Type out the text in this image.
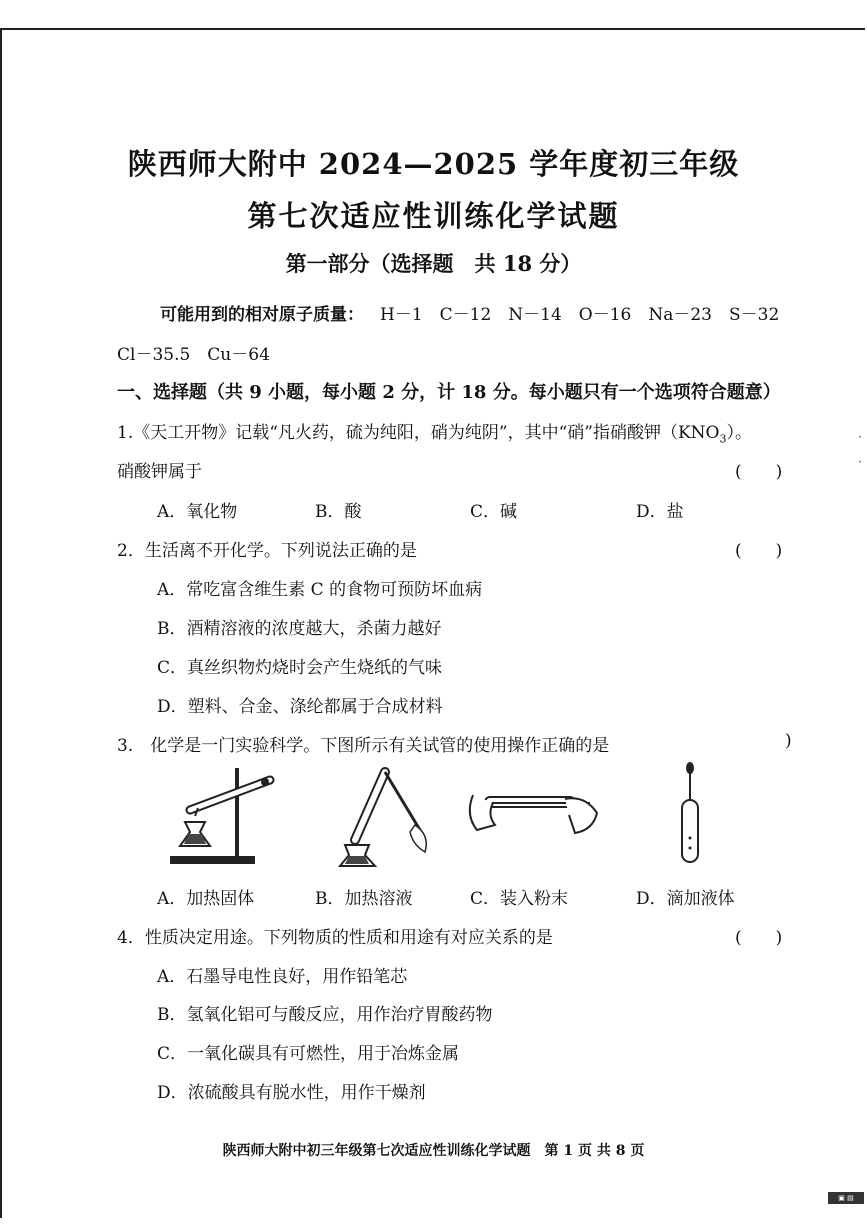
陕西师大附中 2024—2025 学年度初三年级
第七次适应性训练化学试题
第一部分（选择题　共 18 分）
可能用到的相对原子质量： H－1　C－12　N－14　O－16　Na－23　S－32
Cl－35.5　Cu－64
一、选择题（共 9 小题，每小题 2 分，计 18 分。每小题只有一个选项符合题意）
1.《天工开物》记载“凡火药，硫为纯阳，硝为纯阴”，其中“硝”指硝酸钾$(KNO_3)$。
硝酸钾属于	(　　)
A．氧化物	B．酸	C．碱	D．盐
2．生活离不开化学。下列说法正确的是	(　　)
A．常吃富含维生素 C 的食物可预防坏血病
B．酒精溶液的浓度越大，杀菌力越好
C．真丝织物灼烧时会产生烧纸的气味
D．塑料、合金、涤纶都属于合成材料
3.　化学是一门实验科学。下图所示有关试管的使用操作正确的是	)
A．加热固体	B．加热溶液	C．装入粉末	D．滴加液体
4．性质决定用途。下列物质的性质和用途有对应关系的是	(　　)
A．石墨导电性良好，用作铅笔芯
B．氢氧化铝可与酸反应，用作治疗胃酸药物
C．一氧化碳具有可燃性，用于冶炼金属
D．浓硫酸具有脱水性，用作干燥剂
陕西师大附中初三年级第七次适应性训练化学试题　第 1 页 共 8 页
▣ ▤
·
·
